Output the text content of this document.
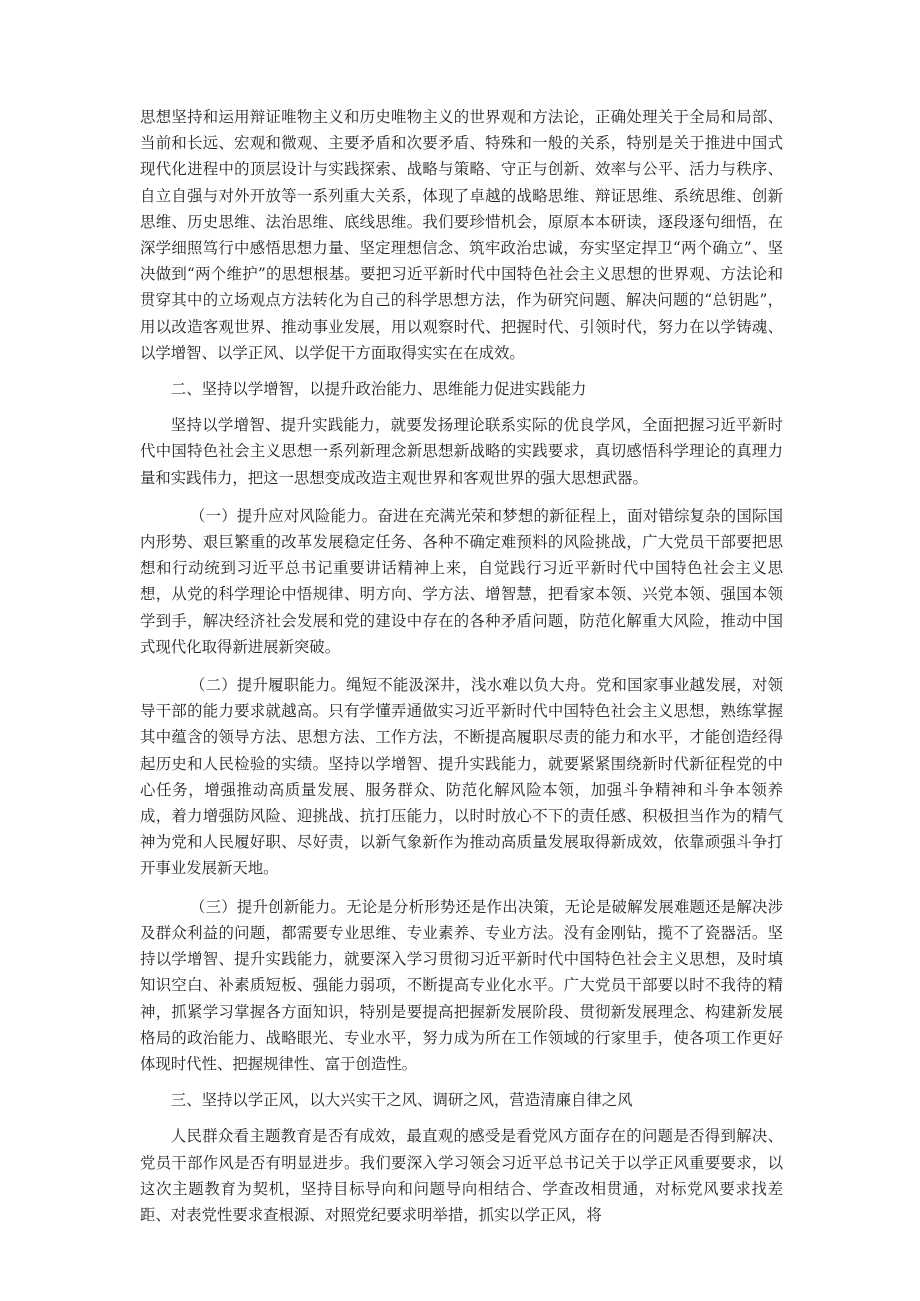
思想坚持和运用辩证唯物主义和历史唯物主义的世界观和方法论，正确处理关于全局和局部、当前和长远、宏观和微观、主要矛盾和次要矛盾、特殊和一般的关系，特别是关于推进中国式现代化进程中的顶层设计与实践探索、战略与策略、守正与创新、效率与公平、活力与秩序、自立自强与对外开放等一系列重大关系，体现了卓越的战略思维、辩证思维、系统思维、创新思维、历史思维、法治思维、底线思维。我们要珍惜机会，原原本本研读，逐段逐句细悟，在深学细照笃行中感悟思想力量、坚定理想信念、筑牢政治忠诚，夯实坚定捍卫“两个确立”、坚决做到“两个维护”的思想根基。要把习近平新时代中国特色社会主义思想的世界观、方法论和贯穿其中的立场观点方法转化为自己的科学思想方法，作为研究问题、解决问题的“总钥匙”，用以改造客观世界、推动事业发展，用以观察时代、把握时代、引领时代，努力在以学铸魂、以学增智、以学正风、以学促干方面取得实实在在成效。

二、坚持以学增智，以提升政治能力、思维能力促进实践能力

坚持以学增智、提升实践能力，就要发扬理论联系实际的优良学风，全面把握习近平新时代中国特色社会主义思想一系列新理念新思想新战略的实践要求，真切感悟科学理论的真理力量和实践伟力，把这一思想变成改造主观世界和客观世界的强大思想武器。

（一）提升应对风险能力。奋进在充满光荣和梦想的新征程上，面对错综复杂的国际国内形势、艰巨繁重的改革发展稳定任务、各种不确定难预料的风险挑战，广大党员干部要把思想和行动统到习近平总书记重要讲话精神上来，自觉践行习近平新时代中国特色社会主义思想，从党的科学理论中悟规律、明方向、学方法、增智慧，把看家本领、兴党本领、强国本领学到手，解决经济社会发展和党的建设中存在的各种矛盾问题，防范化解重大风险，推动中国式现代化取得新进展新突破。

（二）提升履职能力。绳短不能汲深井，浅水难以负大舟。党和国家事业越发展，对领导干部的能力要求就越高。只有学懂弄通做实习近平新时代中国特色社会主义思想，熟练掌握其中蕴含的领导方法、思想方法、工作方法，不断提高履职尽责的能力和水平，才能创造经得起历史和人民检验的实绩。坚持以学增智、提升实践能力，就要紧紧围绕新时代新征程党的中心任务，增强推动高质量发展、服务群众、防范化解风险本领，加强斗争精神和斗争本领养成，着力增强防风险、迎挑战、抗打压能力，以时时放心不下的责任感、积极担当作为的精气神为党和人民履好职、尽好责，以新气象新作为推动高质量发展取得新成效，依靠顽强斗争打开事业发展新天地。

（三）提升创新能力。无论是分析形势还是作出决策，无论是破解发展难题还是解决涉及群众利益的问题，都需要专业思维、专业素养、专业方法。没有金刚钻，揽不了瓷器活。坚持以学增智、提升实践能力，就要深入学习贯彻习近平新时代中国特色社会主义思想，及时填知识空白、补素质短板、强能力弱项，不断提高专业化水平。广大党员干部要以时不我待的精神，抓紧学习掌握各方面知识，特别是要提高把握新发展阶段、贯彻新发展理念、构建新发展格局的政治能力、战略眼光、专业水平，努力成为所在工作领域的行家里手，使各项工作更好体现时代性、把握规律性、富于创造性。

三、坚持以学正风，以大兴实干之风、调研之风，营造清廉自律之风

人民群众看主题教育是否有成效，最直观的感受是看党风方面存在的问题是否得到解决、党员干部作风是否有明显进步。我们要深入学习领会习近平总书记关于以学正风重要要求，以这次主题教育为契机，坚持目标导向和问题导向相结合、学查改相贯通，对标党风要求找差距、对表党性要求查根源、对照党纪要求明举措，抓实以学正风，将
